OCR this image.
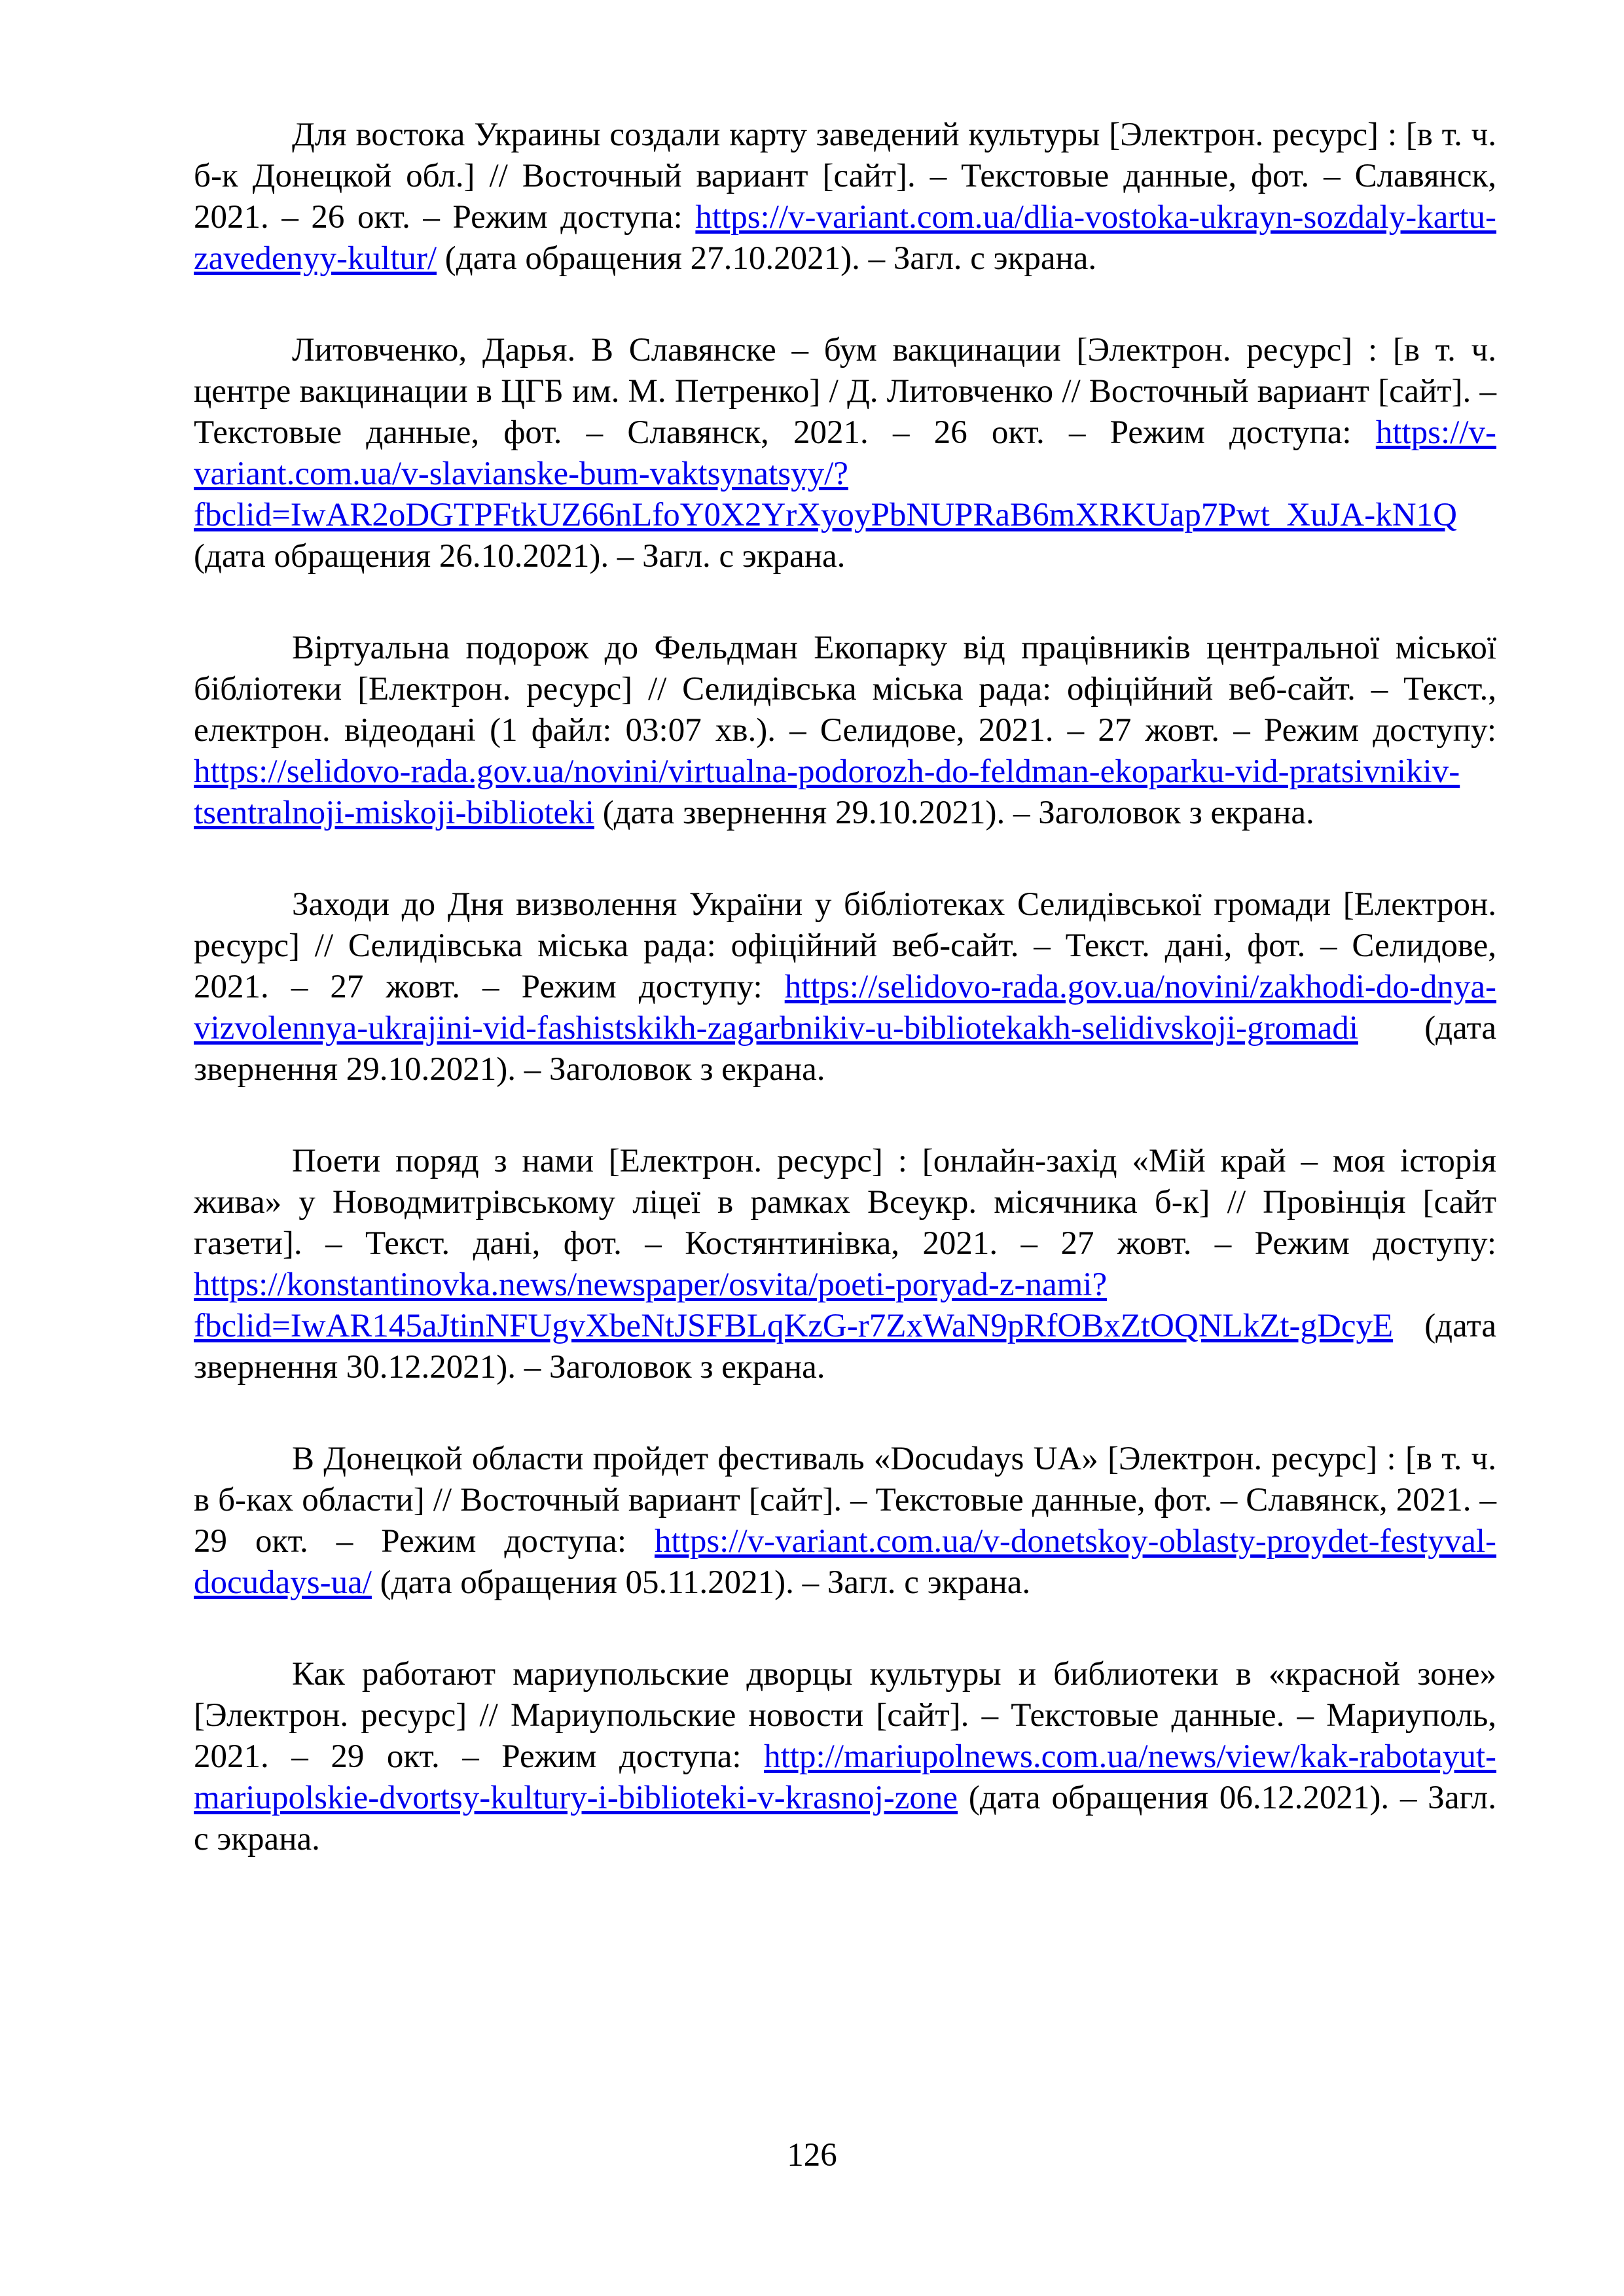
Для востока Украины создали карту заведений культуры [Электрон. ресурс] : [в т. ч. б-к Донецкой обл.] // Восточный вариант [сайт]. – Текстовые данные, фот. – Славянск, 2021. – 26 окт. – Режим доступа: https://v-variant.com.ua/dlia-vostoka-ukrayn-sozdaly-kartu-zavedenyy-kultur/ (дата обращения 27.10.2021). – Загл. с экрана.

Литовченко, Дарья. В Славянске – бум вакцинации [Электрон. ресурс] : [в т. ч. центре вакцинации в ЦГБ им. М. Петренко] / Д. Литовченко // Восточный вариант [сайт]. – Текстовые данные, фот. – Славянск, 2021. – 26 окт. – Режим доступа: https://v-variant.com.ua/v-slavianske-bum-vaktsynatsyy/?fbclid=IwAR2oDGTPFtkUZ66nLfoY0X2YrXyoyPbNUPRaB6mXRKUap7Pwt_XuJA-kN1Q (дата обращения 26.10.2021). – Загл. с экрана.

Віртуальна подорож до Фельдман Екопарку від працівників центральної міської бібліотеки [Електрон. ресурс] // Селидівська міська рада: офіційний веб-сайт. – Текст., електрон. відеодані (1 файл: 03:07 хв.). – Селидове, 2021. – 27 жовт. – Режим доступу: https://selidovo-rada.gov.ua/novini/virtualna-podorozh-do-feldman-ekoparku-vid-pratsivnikiv-tsentralnoji-miskoji-biblioteki (дата звернення 29.10.2021). – Заголовок з екрана.

Заходи до Дня визволення України у бібліотеках Селидівської громади [Електрон. ресурс] // Селидівська міська рада: офіційний веб-сайт. – Текст. дані, фот. – Селидове, 2021. – 27 жовт. – Режим доступу: https://selidovo-rada.gov.ua/novini/zakhodi-do-dnya-vizvolennya-ukrajini-vid-fashistskikh-zagarbnikiv-u-bibliotekakh-selidivskoji-gromadi (дата звернення 29.10.2021). – Заголовок з екрана.

Поети поряд з нами [Електрон. ресурс] : [онлайн-захід «Мій край – моя історія жива» у Новодмитрівському ліцеї в рамках Всеукр. місячника б-к] // Провінція [сайт газети]. – Текст. дані, фот. – Костянтинівка, 2021. – 27 жовт. – Режим доступу: https://konstantinovka.news/newspaper/osvita/poeti-poryad-z-nami?fbclid=IwAR145aJtinNFUgvXbeNtJSFBLqKzG-r7ZxWaN9pRfOBxZtOQNLkZt-gDcyE (дата звернення 30.12.2021). – Заголовок з екрана.

В Донецкой области пройдет фестиваль «Docudays UA» [Электрон. ресурс] : [в т. ч. в б-ках области] // Восточный вариант [сайт]. – Текстовые данные, фот. – Славянск, 2021. – 29 окт. – Режим доступа: https://v-variant.com.ua/v-donetskoy-oblasty-proydet-festyval-docudays-ua/ (дата обращения 05.11.2021). – Загл. с экрана.

Как работают мариупольские дворцы культуры и библиотеки в «красной зоне» [Электрон. ресурс] // Мариупольские новости [сайт]. – Текстовые данные. – Мариуполь, 2021. – 29 окт. – Режим доступа: http://mariupolnews.com.ua/news/view/kak-rabotayut-mariupolskie-dvortsy-kultury-i-biblioteki-v-krasnoj-zone (дата обращения 06.12.2021). – Загл. с экрана.

126
